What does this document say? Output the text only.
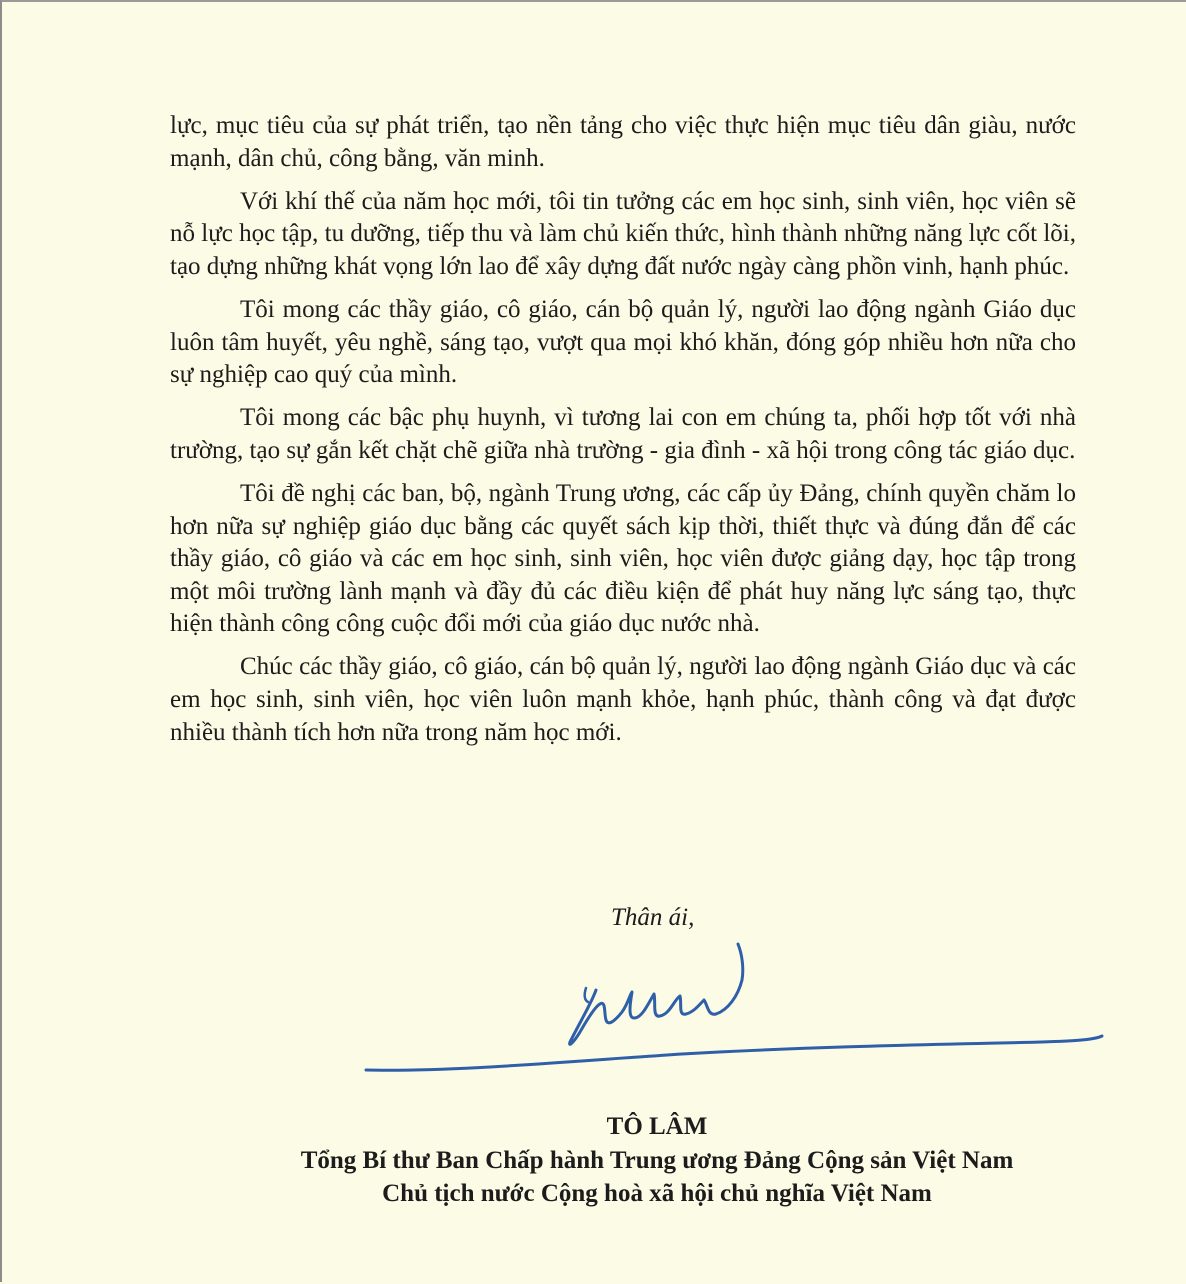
lực, mục tiêu của sự phát triển, tạo nền tảng cho việc thực hiện mục tiêu dân giàu, nước mạnh, dân chủ, công bằng, văn minh.

Với khí thế của năm học mới, tôi tin tưởng các em học sinh, sinh viên, học viên sẽ nỗ lực học tập, tu dưỡng, tiếp thu và làm chủ kiến thức, hình thành những năng lực cốt lõi, tạo dựng những khát vọng lớn lao để xây dựng đất nước ngày càng phồn vinh, hạnh phúc.

Tôi mong các thầy giáo, cô giáo, cán bộ quản lý, người lao động ngành Giáo dục luôn tâm huyết, yêu nghề, sáng tạo, vượt qua mọi khó khăn, đóng góp nhiều hơn nữa cho sự nghiệp cao quý của mình.

Tôi mong các bậc phụ huynh, vì tương lai con em chúng ta, phối hợp tốt với nhà trường, tạo sự gắn kết chặt chẽ giữa nhà trường - gia đình - xã hội trong công tác giáo dục.

Tôi đề nghị các ban, bộ, ngành Trung ương, các cấp ủy Đảng, chính quyền chăm lo hơn nữa sự nghiệp giáo dục bằng các quyết sách kịp thời, thiết thực và đúng đắn để các thầy giáo, cô giáo và các em học sinh, sinh viên, học viên được giảng dạy, học tập trong một môi trường lành mạnh và đầy đủ các điều kiện để phát huy năng lực sáng tạo, thực hiện thành công công cuộc đổi mới của giáo dục nước nhà.

Chúc các thầy giáo, cô giáo, cán bộ quản lý, người lao động ngành Giáo dục và các em học sinh, sinh viên, học viên luôn mạnh khỏe, hạnh phúc, thành công và đạt được nhiều thành tích hơn nữa trong năm học mới.

Thân ái,
TÔ LÂM
Tổng Bí thư Ban Chấp hành Trung ương Đảng Cộng sản Việt Nam
Chủ tịch nước Cộng hoà xã hội chủ nghĩa Việt Nam
